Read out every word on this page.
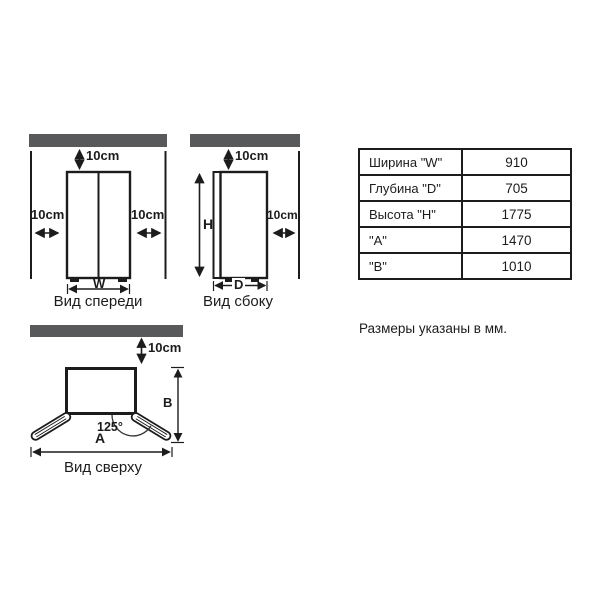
10cm
10cm	10cm
10cm
10cm
10cm
W
H
D
B
A
125°
Вид спереди	Вид сбоку
Вид сверху
Ширина "W"	910
Глубина "D"	705
Высота "H"	1775
"A"	1470
"B"	1010
Размеры указаны в мм.
